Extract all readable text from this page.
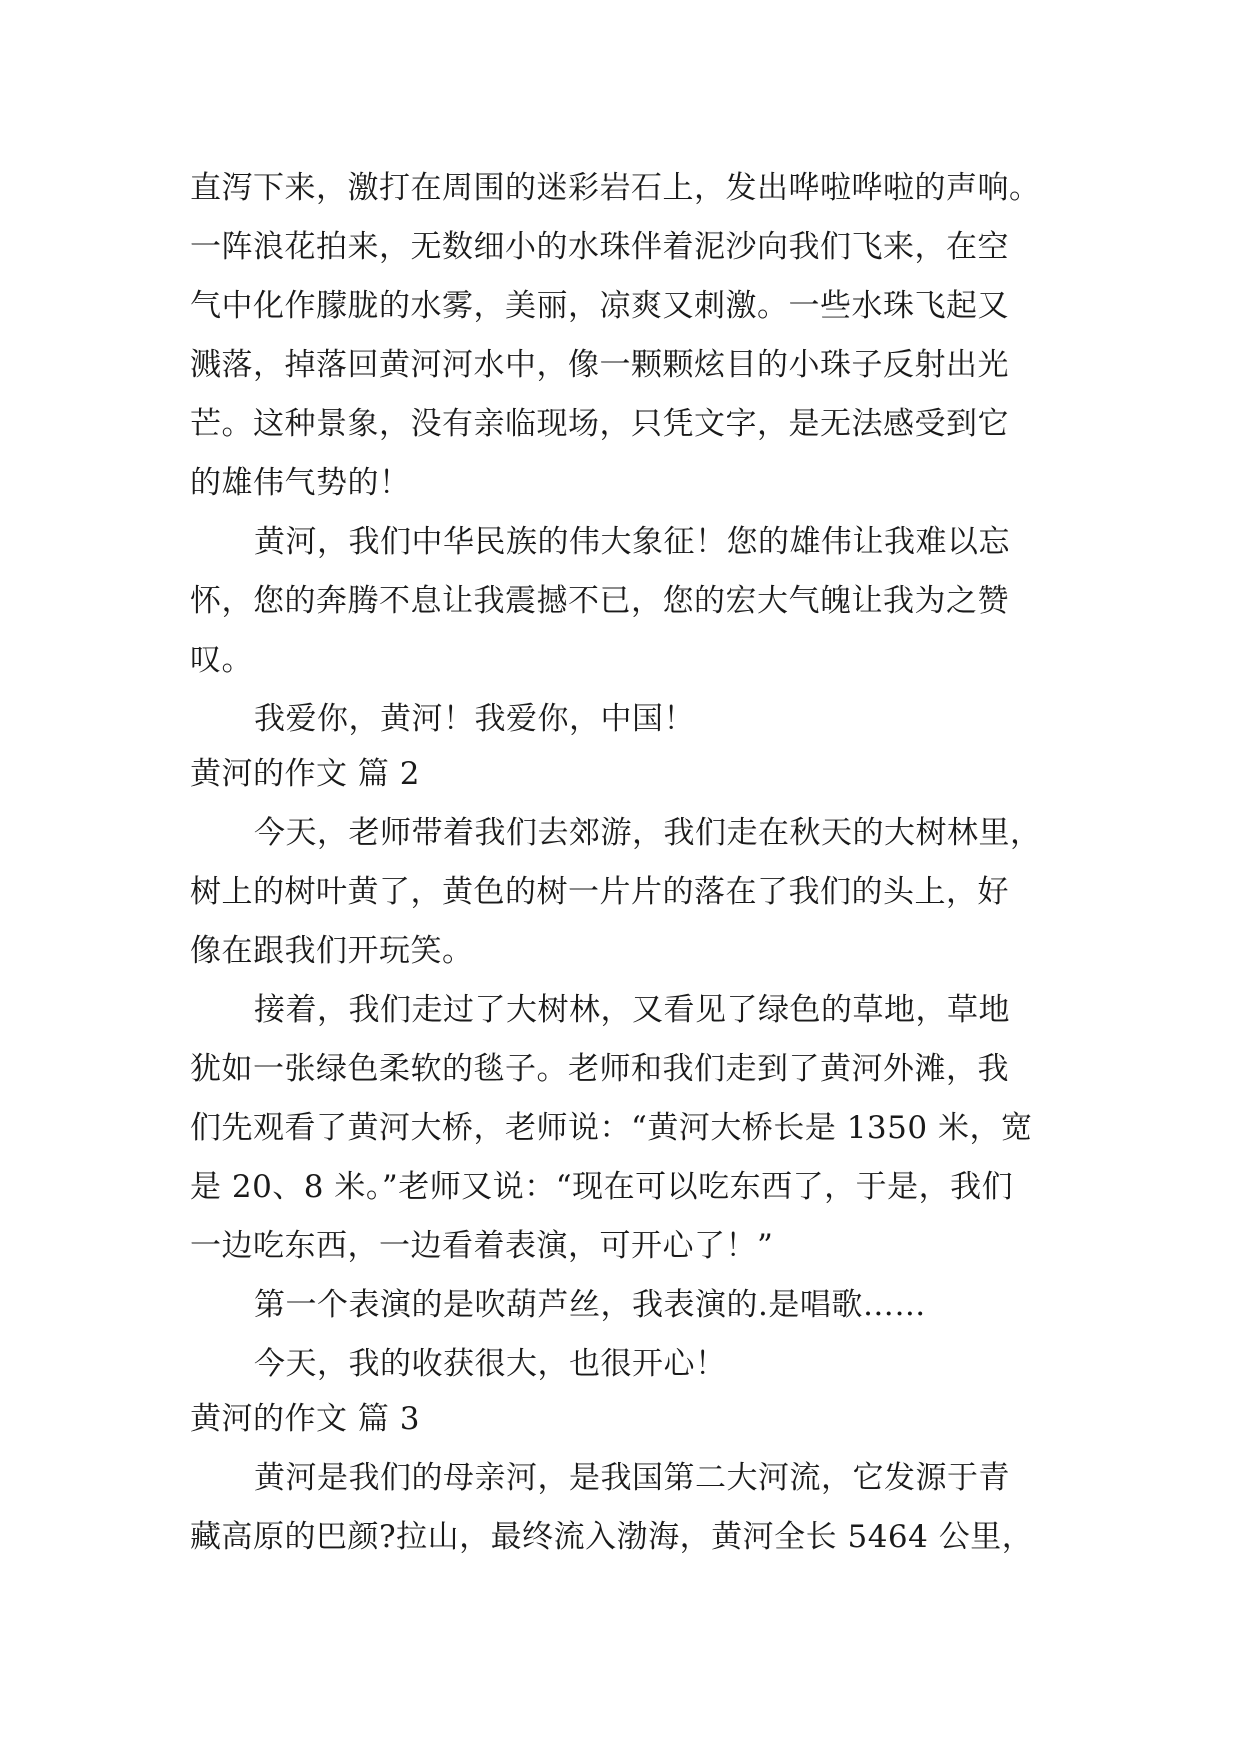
直泻下来，激打在周围的迷彩岩石上，发出哗啦哗啦的声响。
一阵浪花拍来，无数细小的水珠伴着泥沙向我们飞来，在空
气中化作朦胧的水雾，美丽，凉爽又刺激。一些水珠飞起又
溅落，掉落回黄河河水中，像一颗颗炫目的小珠子反射出光
芒。这种景象，没有亲临现场，只凭文字，是无法感受到它
的雄伟气势的！
黄河，我们中华民族的伟大象征！您的雄伟让我难以忘
怀，您的奔腾不息让我震撼不已，您的宏大气魄让我为之赞
叹。
我爱你，黄河！我爱你，中国！
黄河的作文 篇 2
今天，老师带着我们去郊游，我们走在秋天的大树林里，
树上的树叶黄了，黄色的树一片片的落在了我们的头上，好
像在跟我们开玩笑。
接着，我们走过了大树林，又看见了绿色的草地，草地
犹如一张绿色柔软的毯子。老师和我们走到了黄河外滩，我
们先观看了黄河大桥，老师说：“黄河大桥长是 1350 米，宽
是 20、8 米。”老师又说：“现在可以吃东西了，于是，我们
一边吃东西，一边看着表演，可开心了！”
第一个表演的是吹葫芦丝，我表演的.是唱歌……
今天，我的收获很大，也很开心！
黄河的作文 篇 3
黄河是我们的母亲河，是我国第二大河流，它发源于青
藏高原的巴颜?拉山，最终流入渤海，黄河全长 5464 公里，
